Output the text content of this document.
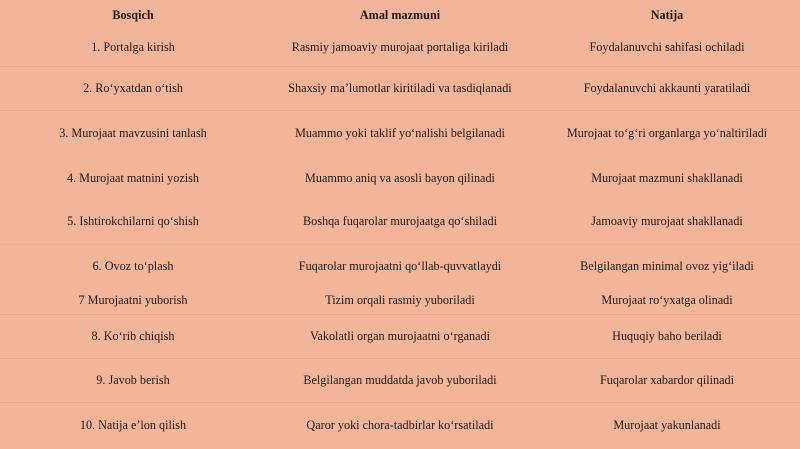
Bosqich	Amal mazmuni	Natija
1. Portalga kirish	Rasmiy jamoaviy murojaat portaliga kiriladi	Foydalanuvchi sahifasi ochiladi
2. Ro‘yxatdan o‘tish	Shaxsiy ma’lumotlar kiritiladi va tasdiqlanadi	Foydalanuvchi akkaunti yaratiladi
3. Murojaat mavzusini tanlash	Muammo yoki taklif yo‘nalishi belgilanadi	Murojaat to‘g‘ri organlarga yo‘naltiriladi
4. Murojaat matnini yozish	Muammo aniq va asosli bayon qilinadi	Murojaat mazmuni shakllanadi
5. Ishtirokchilarni qo‘shish	Boshqa fuqarolar murojaatga qo‘shiladi	Jamoaviy murojaat shakllanadi
6. Ovoz to‘plash	Fuqarolar murojaatni qo‘llab-quvvatlaydi	Belgilangan minimal ovoz yig‘iladi
7 Murojaatni yuborish	Tizim orqali rasmiy yuboriladi	Murojaat ro‘yxatga olinadi
8. Ko‘rib chiqish	Vakolatli organ murojaatni o‘rganadi	Huquqiy baho beriladi
9. Javob berish	Belgilangan muddatda javob yuboriladi	Fuqarolar xabardor qilinadi
10. Natija e’lon qilish	Qaror yoki chora-tadbirlar ko‘rsatiladi	Murojaat yakunlanadi
